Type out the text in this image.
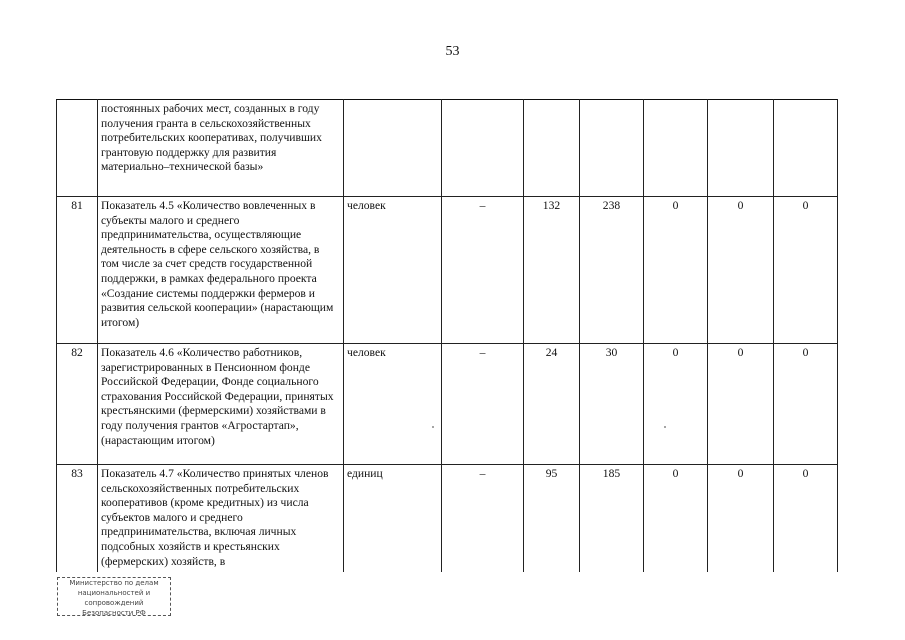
53
	постоянных рабочих мест, созданных в году получения гранта в сельскохозяйственных потребительских кооперативах, получивших грантовую поддержку для развития материально–технической базы»							
81	Показатель 4.5 «Количество вовлеченных в субъекты малого и среднего предпринимательства, осуществляющие деятельность в сфере сельского хозяйства, в том числе за счет средств государственной поддержки, в рамках федерального проекта «Создание системы поддержки фермеров и развития сельской кооперации» (нарастающим итогом)	человек	–	132	238	0	0	0
82	Показатель 4.6 «Количество работников, зарегистрированных в Пенсионном фонде Российской Федерации, Фонде социального страхования Российской Федерации, принятых крестьянскими (фермерскими) хозяйствами в году получения грантов «Агростартап», (нарастающим итогом)	человек	–	24	30	0	0	0
83	Показатель 4.7 «Количество принятых членов сельскохозяйственных потребительских кооперативов (кроме кредитных) из числа субъектов малого и среднего предпринимательства, включая личных подсобных хозяйств и крестьянских (фермерских) хозяйств, в	единиц	–	95	185	0	0	0
Министерство по делам
национальностей и сопровождений
Безопасности РФ
